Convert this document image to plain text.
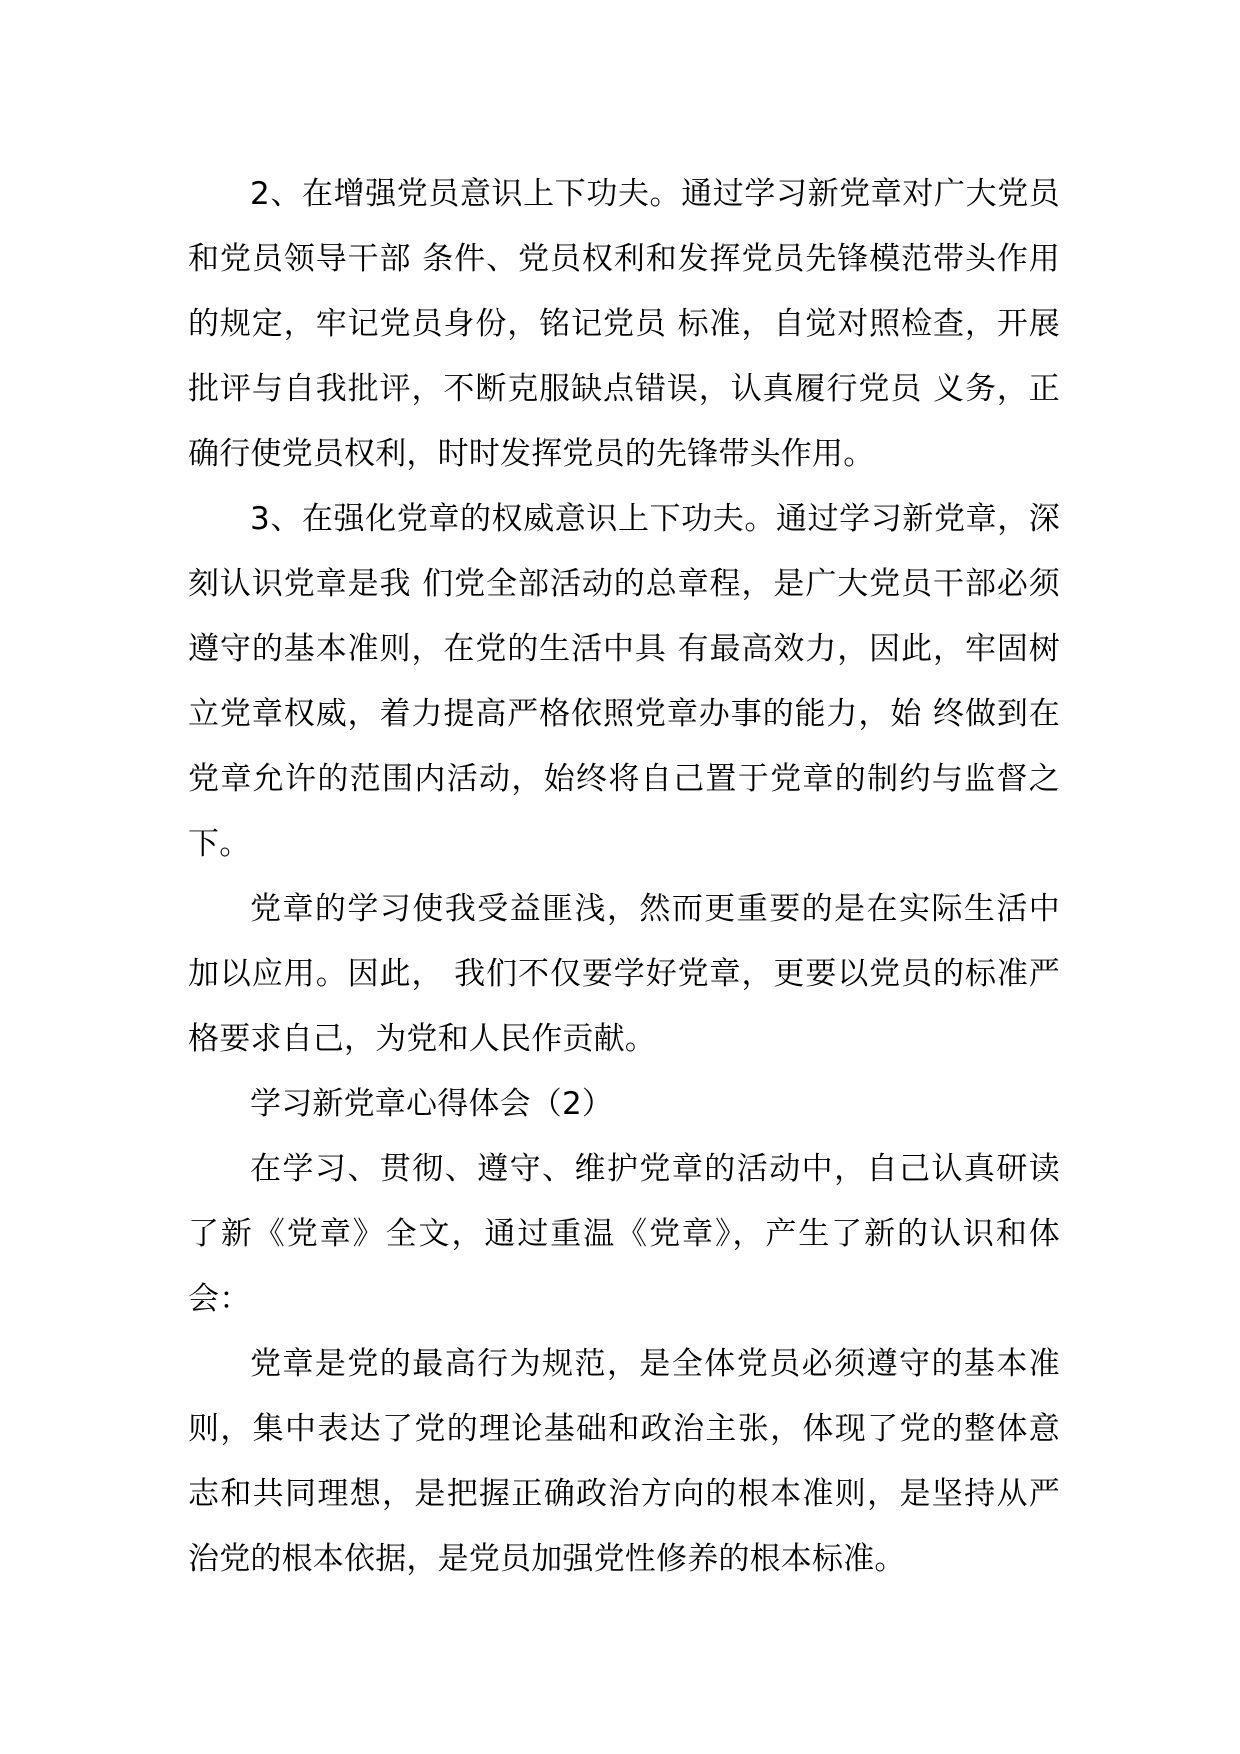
2、在增强党员意识上下功夫。通过学习新党章对广大党员和党员领导干部 条件、党员权利和发挥党员先锋模范带头作用的规定，牢记党员身份，铭记党员 标准，自觉对照检查，开展批评与自我批评，不断克服缺点错误，认真履行党员 义务，正确行使党员权利，时时发挥党员的先锋带头作用。

3、在强化党章的权威意识上下功夫。通过学习新党章，深刻认识党章是我 们党全部活动的总章程，是广大党员干部必须遵守的基本准则，在党的生活中具 有最高效力，因此，牢固树立党章权威，着力提高严格依照党章办事的能力，始 终做到在党章允许的范围内活动，始终将自己置于党章的制约与监督之下。

党章的学习使我受益匪浅，然而更重要的是在实际生活中加以应用。因此， 我们不仅要学好党章，更要以党员的标准严格要求自己，为党和人民作贡献。

学习新党章心得体会（2）

在学习、贯彻、遵守、维护党章的活动中，自己认真研读了新《党章》全文，通过重温《党章》，产生了新的认识和体会：

党章是党的最高行为规范，是全体党员必须遵守的基本准则，集中表达了党的理论基础和政治主张，体现了党的整体意志和共同理想，是把握正确政治方向的根本准则，是坚持从严治党的根本依据，是党员加强党性修养的根本标准。
